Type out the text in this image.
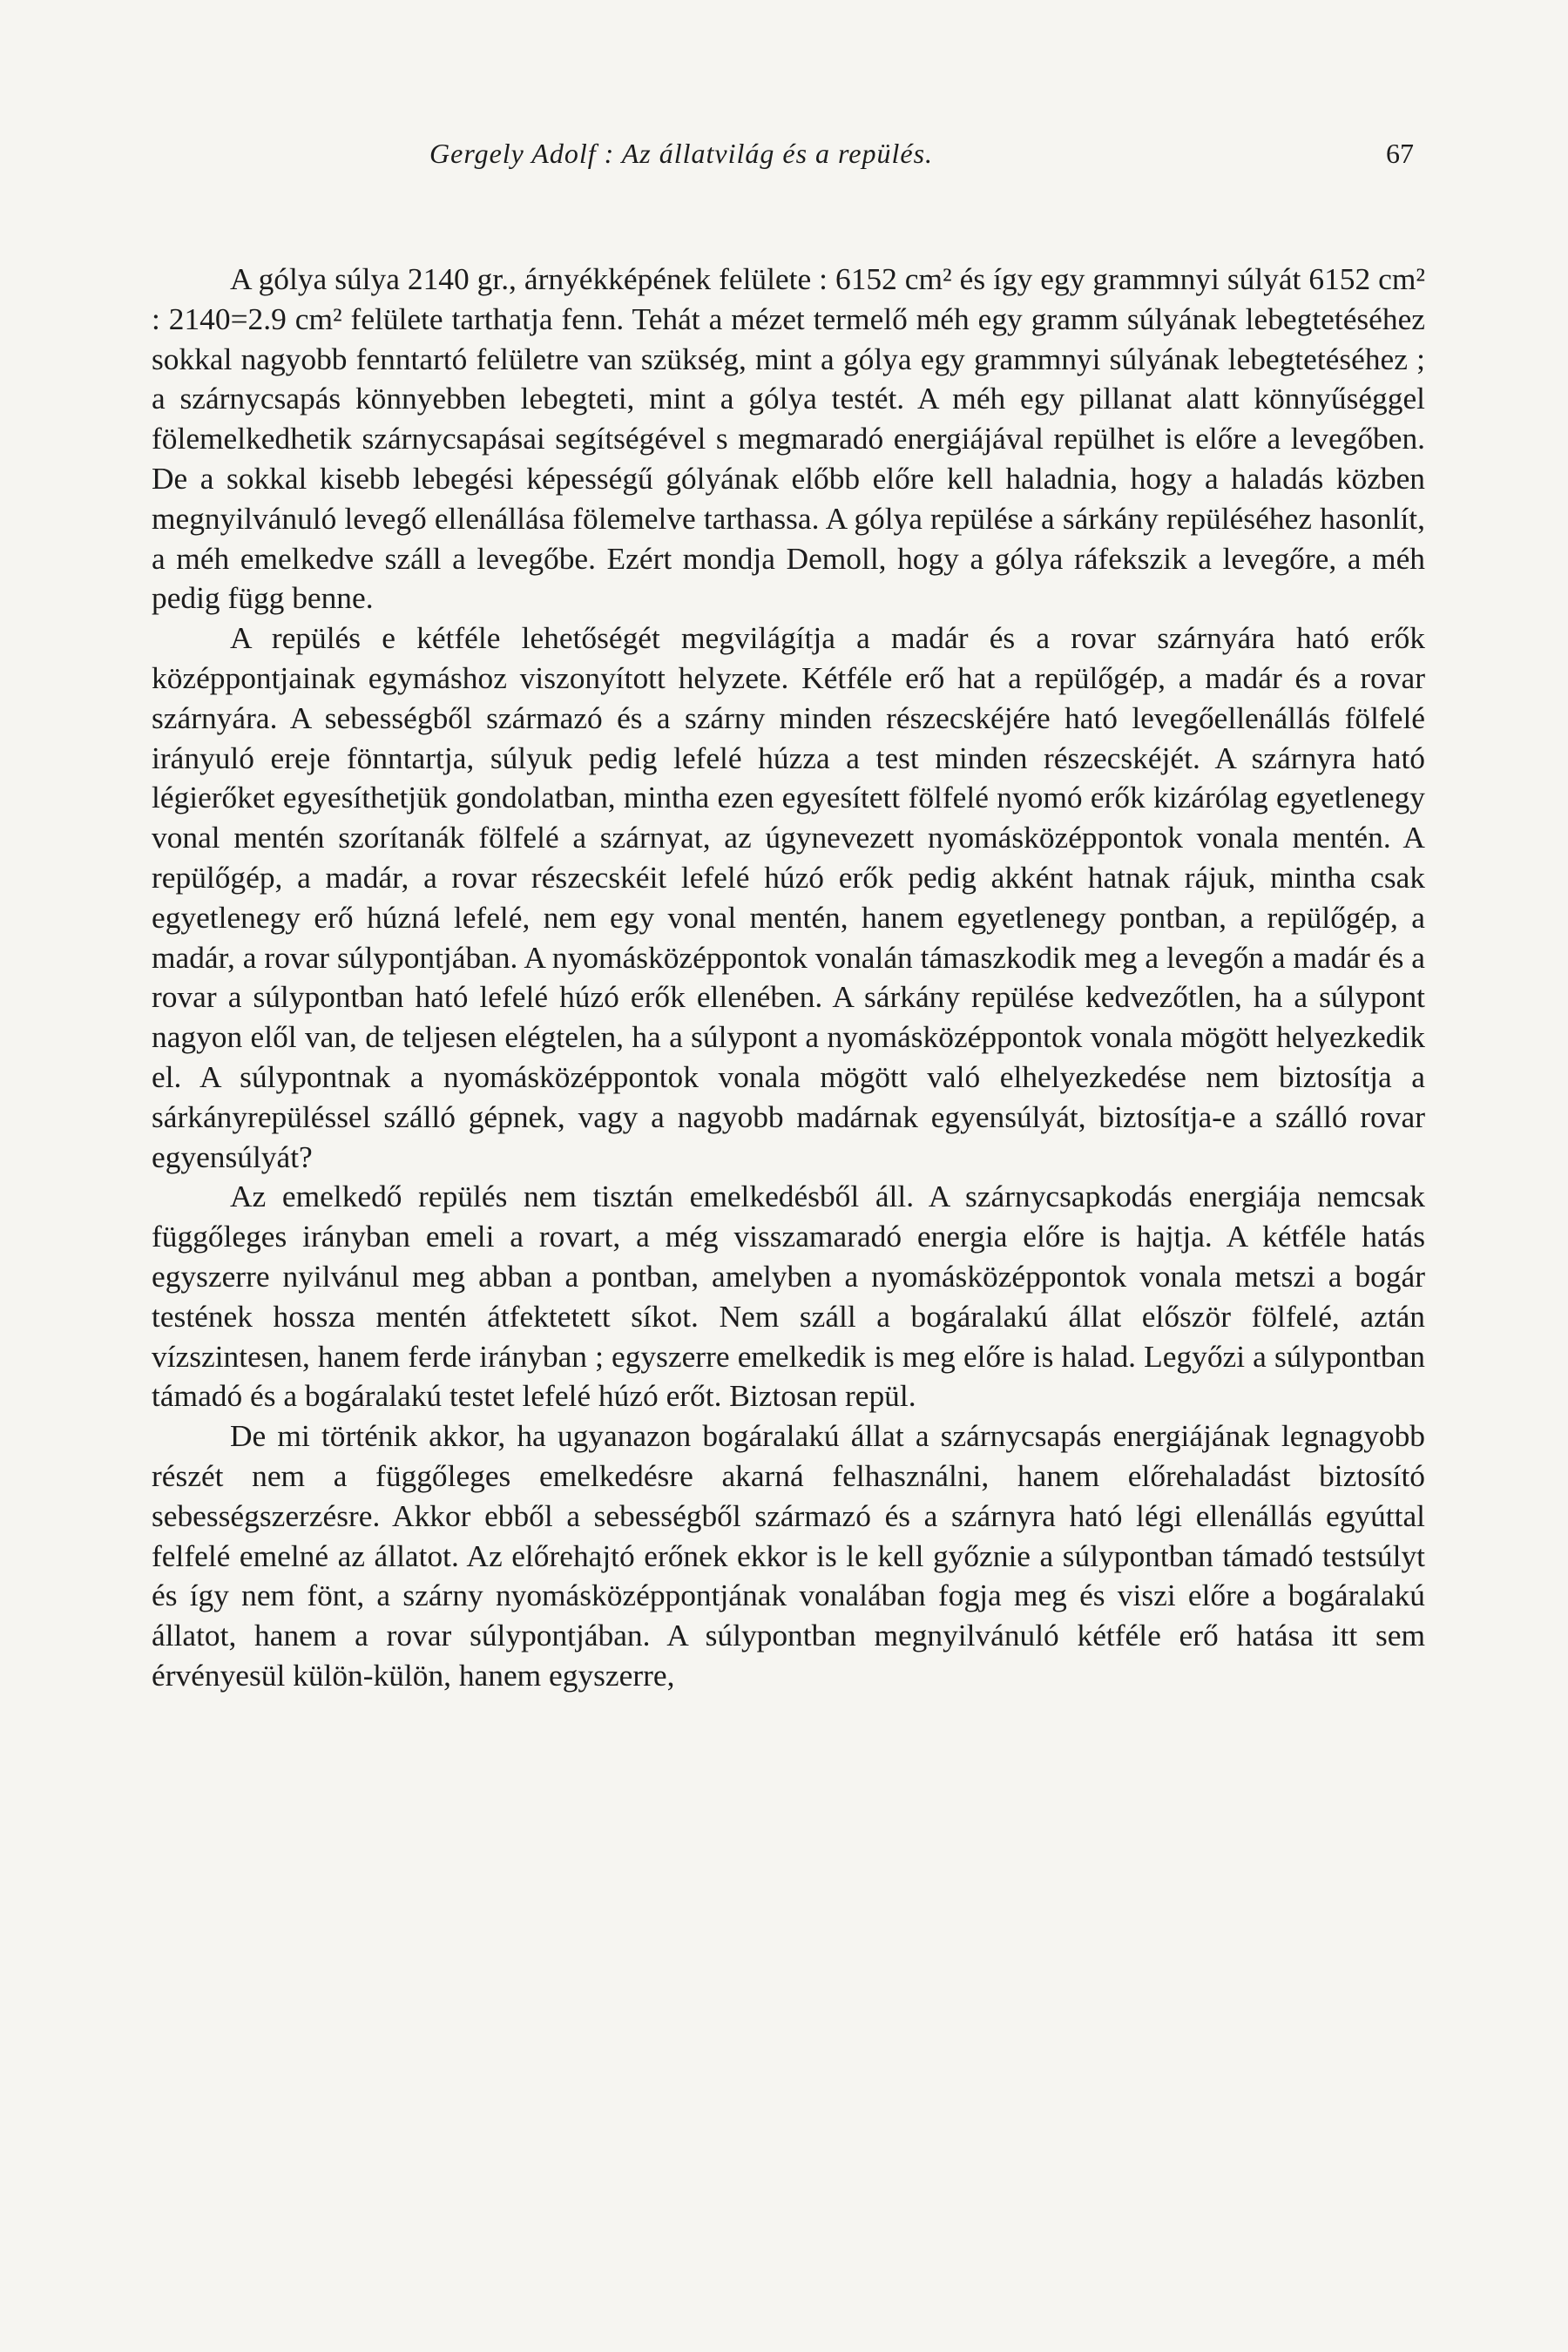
Gergely Adolf : Az állatvilág és a repülés.	67

A gólya súlya 2140 gr., árnyékképének felülete : 6152 cm² és így egy grammnyi súlyát 6152 cm² : 2140=2.9 cm² felülete tarthatja fenn. Tehát a mézet termelő méh egy gramm súlyának lebegtetéséhez sokkal nagyobb fenntartó felületre van szükség, mint a gólya egy grammnyi súlyának lebegtetéséhez ; a szárnycsapás könnyebben lebegteti, mint a gólya testét. A méh egy pillanat alatt könnyűséggel fölemelkedhetik szárnycsapásai segítségével s megmaradó energiájával repülhet is előre a levegőben. De a sokkal kisebb lebegési képességű gólyának előbb előre kell haladnia, hogy a haladás közben megnyilvánuló levegő ellenállása fölemelve tarthassa. A gólya repülése a sárkány repüléséhez hasonlít, a méh emelkedve száll a levegőbe. Ezért mondja Demoll, hogy a gólya ráfekszik a levegőre, a méh pedig függ benne.

A repülés e kétféle lehetőségét megvilágítja a madár és a rovar szárnyára ható erők középpontjainak egymáshoz viszonyított helyzete. Kétféle erő hat a repülőgép, a madár és a rovar szárnyára. A sebességből származó és a szárny minden részecskéjére ható levegőellenállás fölfelé irányuló ereje fönntartja, súlyuk pedig lefelé húzza a test minden részecskéjét. A szárnyra ható légierőket egyesíthetjük gondolatban, mintha ezen egyesített fölfelé nyomó erők kizárólag egyetlenegy vonal mentén szorítanák fölfelé a szárnyat, az úgynevezett nyomásközéppontok vonala mentén. A repülőgép, a madár, a rovar részecskéit lefelé húzó erők pedig akként hatnak rájuk, mintha csak egyetlenegy erő húzná lefelé, nem egy vonal mentén, hanem egyetlenegy pontban, a repülőgép, a madár, a rovar súlypontjában. A nyomásközéppontok vonalán támaszkodik meg a levegőn a madár és a rovar a súlypontban ható lefelé húzó erők ellenében. A sárkány repülése kedvezőtlen, ha a súlypont nagyon elől van, de teljesen elégtelen, ha a súlypont a nyomásközéppontok vonala mögött helyezkedik el. A súlypontnak a nyomásközéppontok vonala mögött való elhelyezkedése nem biztosítja a sárkányrepüléssel szálló gépnek, vagy a nagyobb madárnak egyensúlyát, biztosítja-e a szálló rovar egyensúlyát?

Az emelkedő repülés nem tisztán emelkedésből áll. A szárnycsapkodás energiája nemcsak függőleges irányban emeli a rovart, a még visszamaradó energia előre is hajtja. A kétféle hatás egyszerre nyilvánul meg abban a pontban, amelyben a nyomásközéppontok vonala metszi a bogár testének hossza mentén átfektetett síkot. Nem száll a bogáralakú állat először fölfelé, aztán vízszintesen, hanem ferde irányban ; egyszerre emelkedik is meg előre is halad. Legyőzi a súlypontban támadó és a bogáralakú testet lefelé húzó erőt. Biztosan repül.

De mi történik akkor, ha ugyanazon bogáralakú állat a szárnycsapás energiájának legnagyobb részét nem a függőleges emelkedésre akarná felhasználni, hanem előrehaladást biztosító sebességszerzésre. Akkor ebből a sebességből származó és a szárnyra ható légi ellenállás egyúttal felfelé emelné az állatot. Az előrehajtó erőnek ekkor is le kell győznie a súlypontban támadó testsúlyt és így nem fönt, a szárny nyomásközéppontjának vonalában fogja meg és viszi előre a bogáralakú állatot, hanem a rovar súlypontjában. A súlypontban megnyilvánuló kétféle erő hatása itt sem érvényesül külön-külön, hanem egyszerre,
